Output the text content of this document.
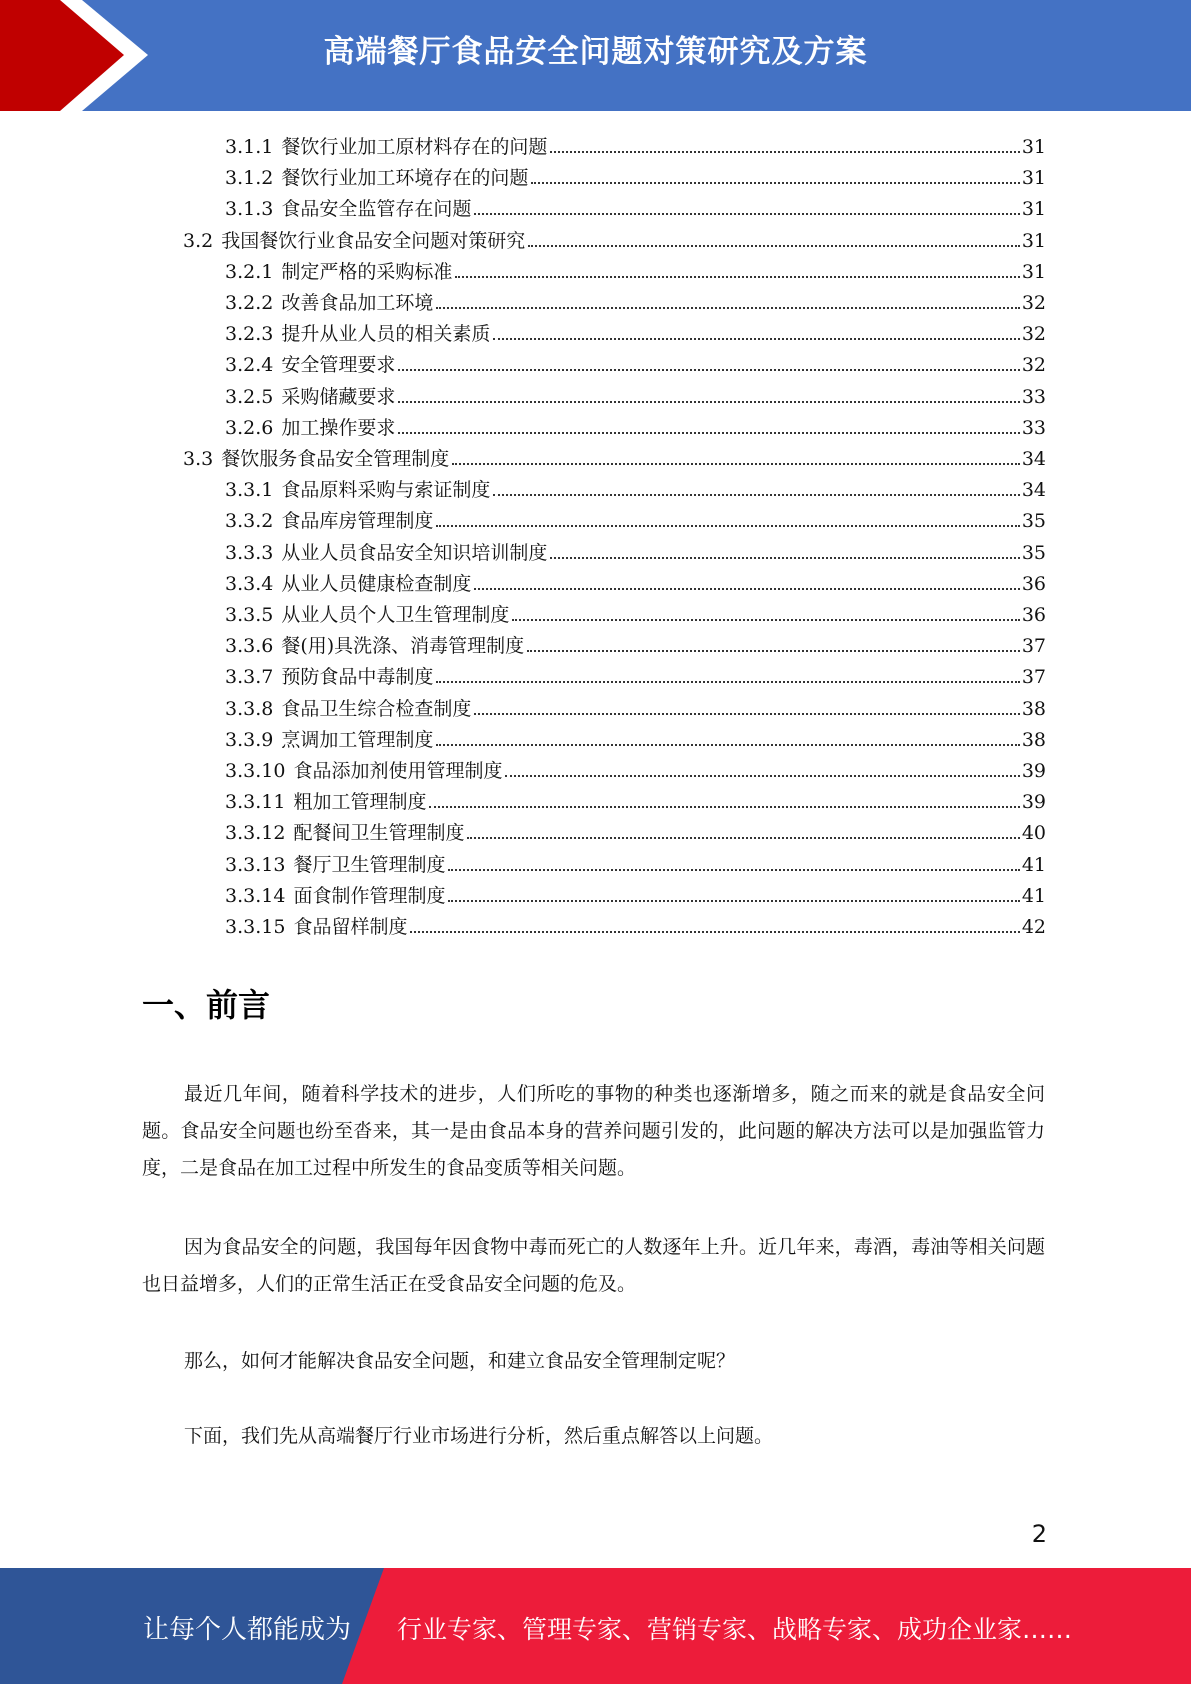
高端餐厅食品安全问题对策研究及方案
3.1.1 餐饮行业加工原材料存在的问题	31
3.1.2 餐饮行业加工环境存在的问题	31
3.1.3 食品安全监管存在问题	31
3.2 我国餐饮行业食品安全问题对策研究	31
3.2.1 制定严格的采购标准	31
3.2.2 改善食品加工环境	32
3.2.3 提升从业人员的相关素质	32
3.2.4 安全管理要求	32
3.2.5 采购储藏要求	33
3.2.6 加工操作要求	33
3.3 餐饮服务食品安全管理制度	34
3.3.1 食品原料采购与索证制度	34
3.3.2 食品库房管理制度	35
3.3.3 从业人员食品安全知识培训制度	35
3.3.4 从业人员健康检查制度	36
3.3.5 从业人员个人卫生管理制度	36
3.3.6 餐(用)具洗涤、消毒管理制度	37
3.3.7 预防食品中毒制度	37
3.3.8 食品卫生综合检查制度	38
3.3.9 烹调加工管理制度	38
3.3.10 食品添加剂使用管理制度	39
3.3.11 粗加工管理制度	39
3.3.12 配餐间卫生管理制度	40
3.3.13 餐厅卫生管理制度	41
3.3.14 面食制作管理制度	41
3.3.15 食品留样制度	42
一、前言

最近几年间，随着科学技术的进步，人们所吃的事物的种类也逐渐增多，随之而来的就是食品安全问题。食品安全问题也纷至沓来，其一是由食品本身的营养问题引发的，此问题的解决方法可以是加强监管力度，二是食品在加工过程中所发生的食品变质等相关问题。

因为食品安全的问题，我国每年因食物中毒而死亡的人数逐年上升。近几年来，毒酒，毒油等相关问题也日益增多，人们的正常生活正在受食品安全问题的危及。

那么，如何才能解决食品安全问题，和建立食品安全管理制定呢？

下面，我们先从高端餐厅行业市场进行分析，然后重点解答以上问题。

2
让每个人都能成为 行业专家、管理专家、营销专家、战略专家、成功企业家……
